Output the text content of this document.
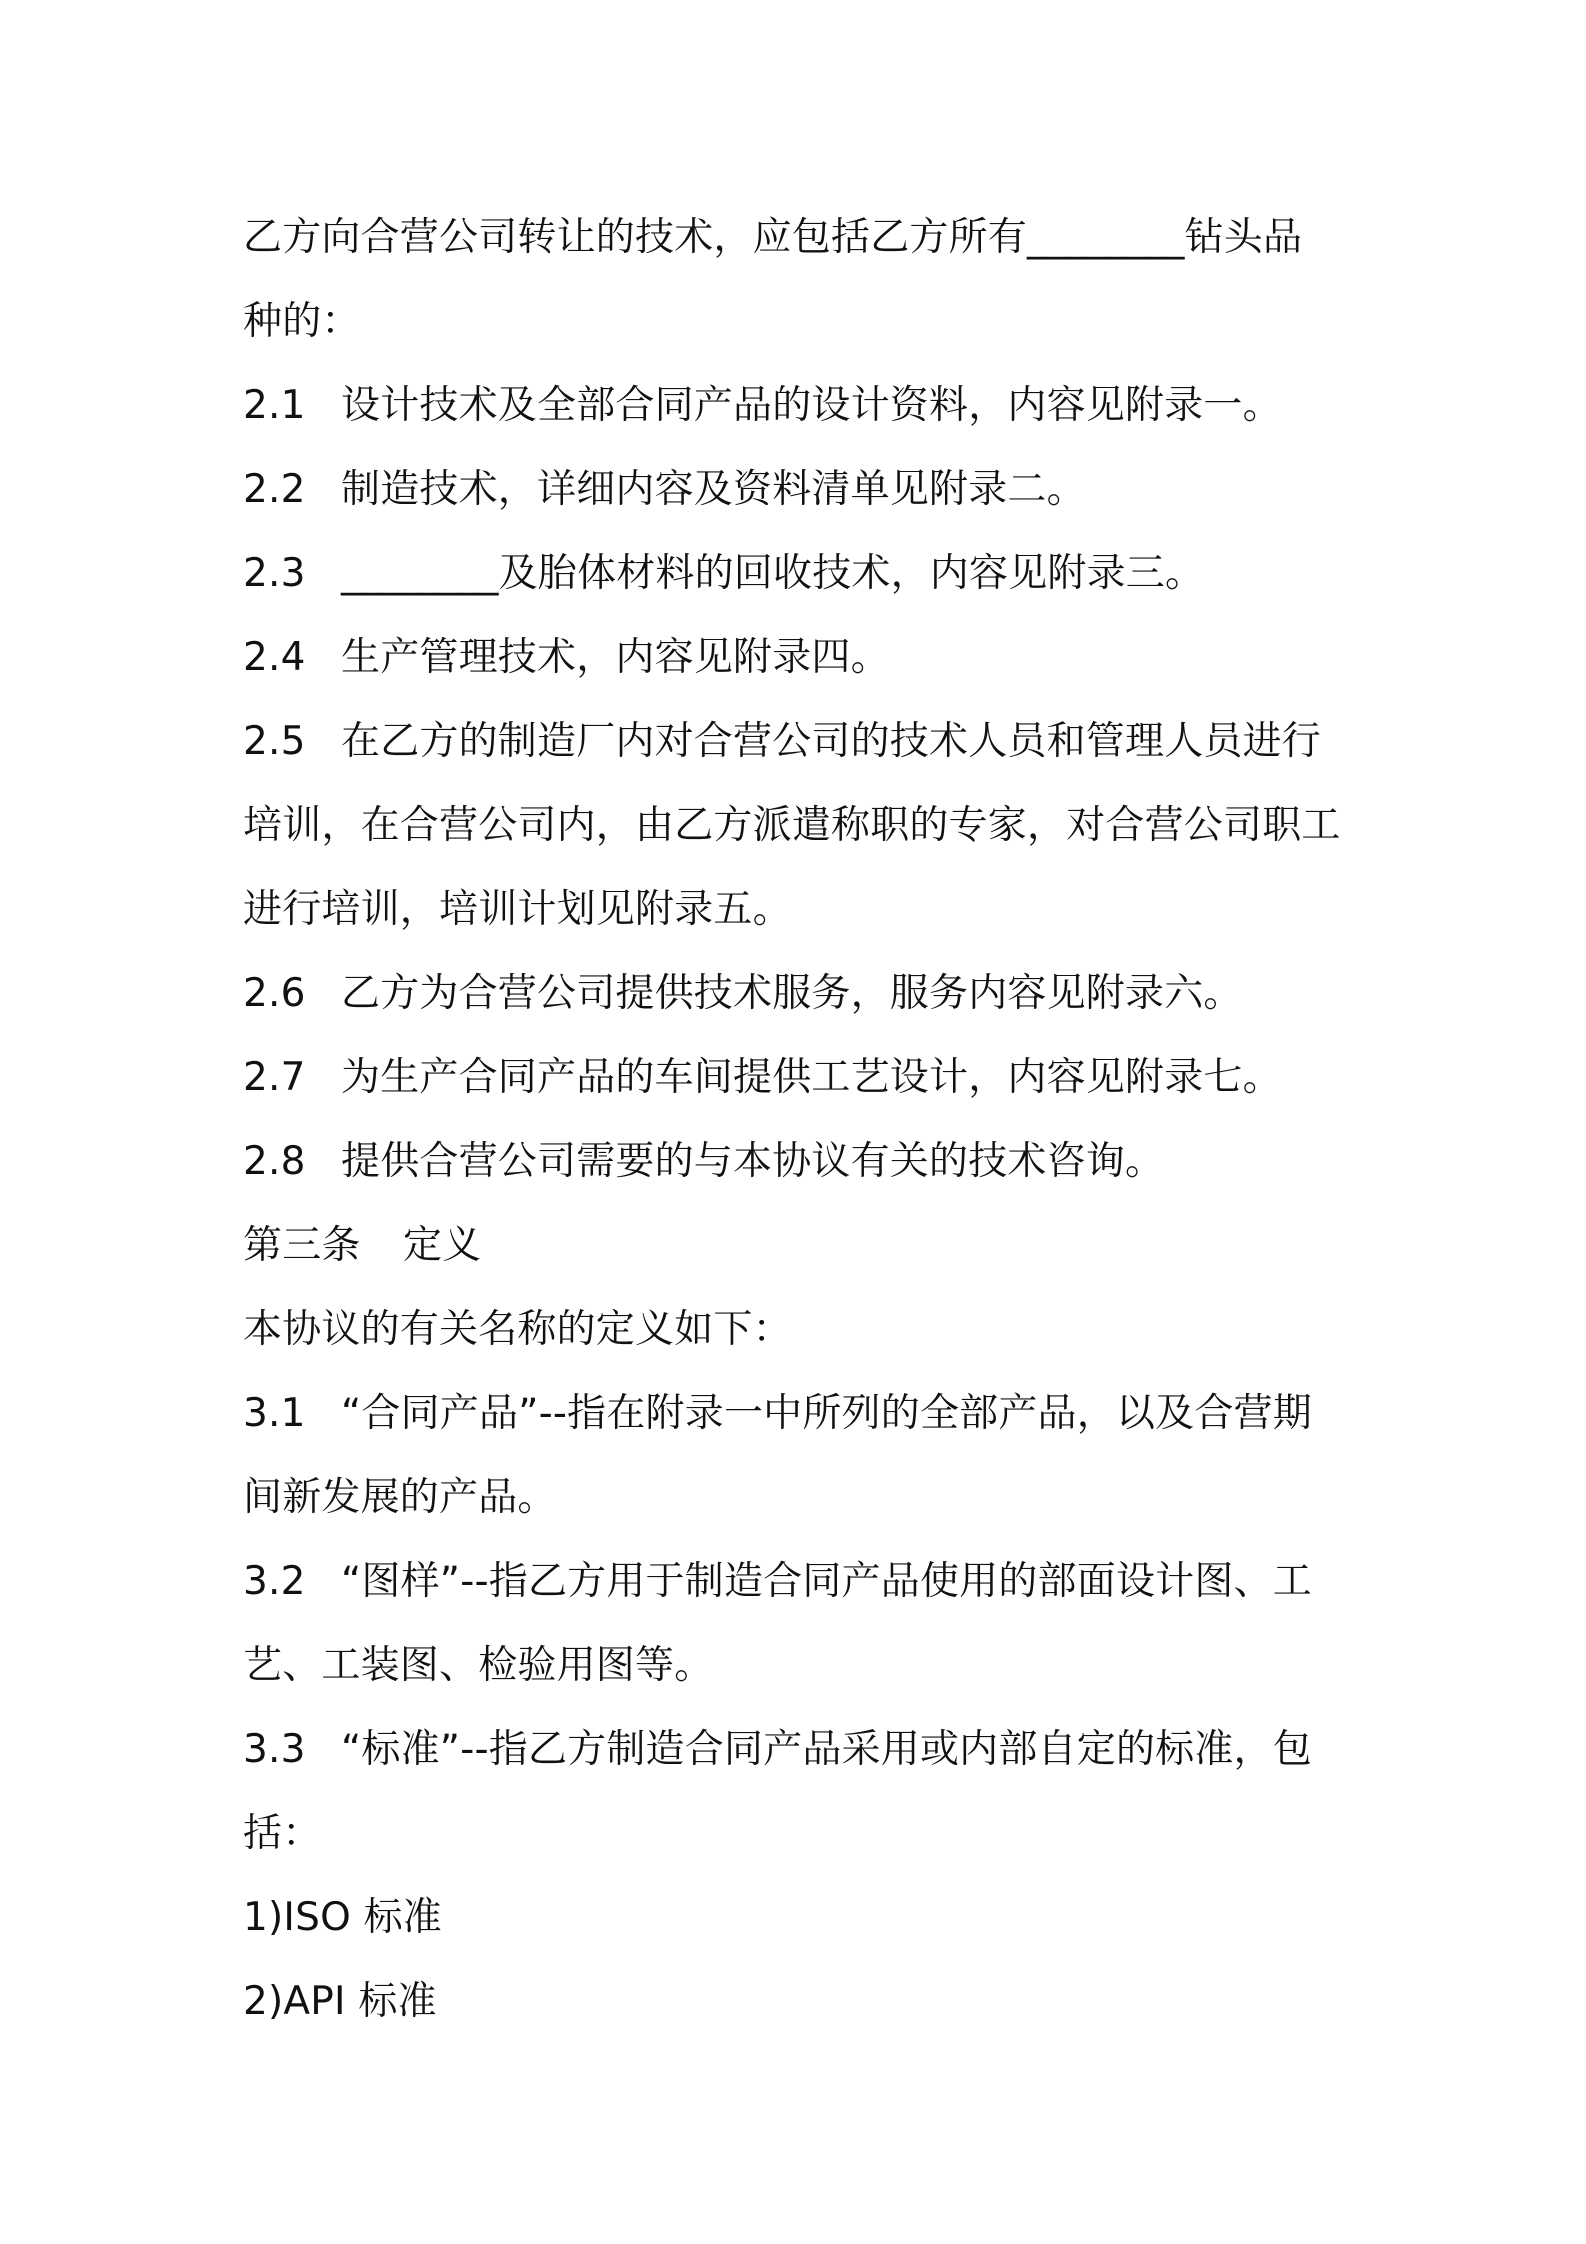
乙方向合营公司转让的技术，应包括乙方所有________钻头品
种的：
2.1 设计技术及全部合同产品的设计资料，内容见附录一。
2.2 制造技术，详细内容及资料清单见附录二。
2.3 ________及胎体材料的回收技术，内容见附录三。
2.4 生产管理技术，内容见附录四。
2.5 在乙方的制造厂内对合营公司的技术人员和管理人员进行
培训，在合营公司内，由乙方派遣称职的专家，对合营公司职工
进行培训，培训计划见附录五。
2.6 乙方为合营公司提供技术服务，服务内容见附录六。
2.7 为生产合同产品的车间提供工艺设计，内容见附录七。
2.8 提供合营公司需要的与本协议有关的技术咨询。
第三条	定义
本协议的有关名称的定义如下：
3.1 “合同产品”--指在附录一中所列的全部产品，以及合营期
间新发展的产品。
3.2 “图样”--指乙方用于制造合同产品使用的部面设计图、工
艺、工装图、检验用图等。
3.3 “标准”--指乙方制造合同产品采用或内部自定的标准，包
括：
1)ISO 标准
2)API 标准
